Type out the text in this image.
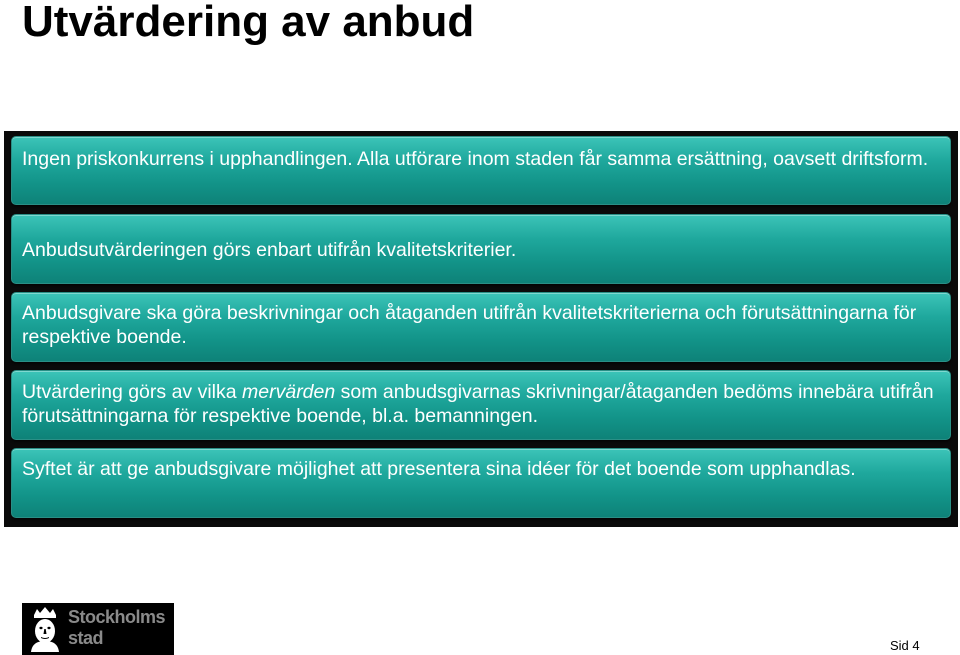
Utvärdering av anbud

Ingen priskonkurrens i upphandlingen. Alla utförare inom staden får samma ersättning, oavsett driftsform.

Anbudsutvärderingen görs enbart utifrån kvalitetskriterier.

Anbudsgivare ska göra beskrivningar och åtaganden utifrån kvalitetskriterierna och förutsättningarna för respektive boende.

Utvärdering görs av vilka mervärden som anbudsgivarnas skrivningar/åtaganden bedöms innebära utifrån förutsättningarna för respektive boende, bl.a. bemanningen.

Syftet är att ge anbudsgivare möjlighet att presentera sina idéer för det boende som upphandlas.

Stockholms
stad	Sid 4
